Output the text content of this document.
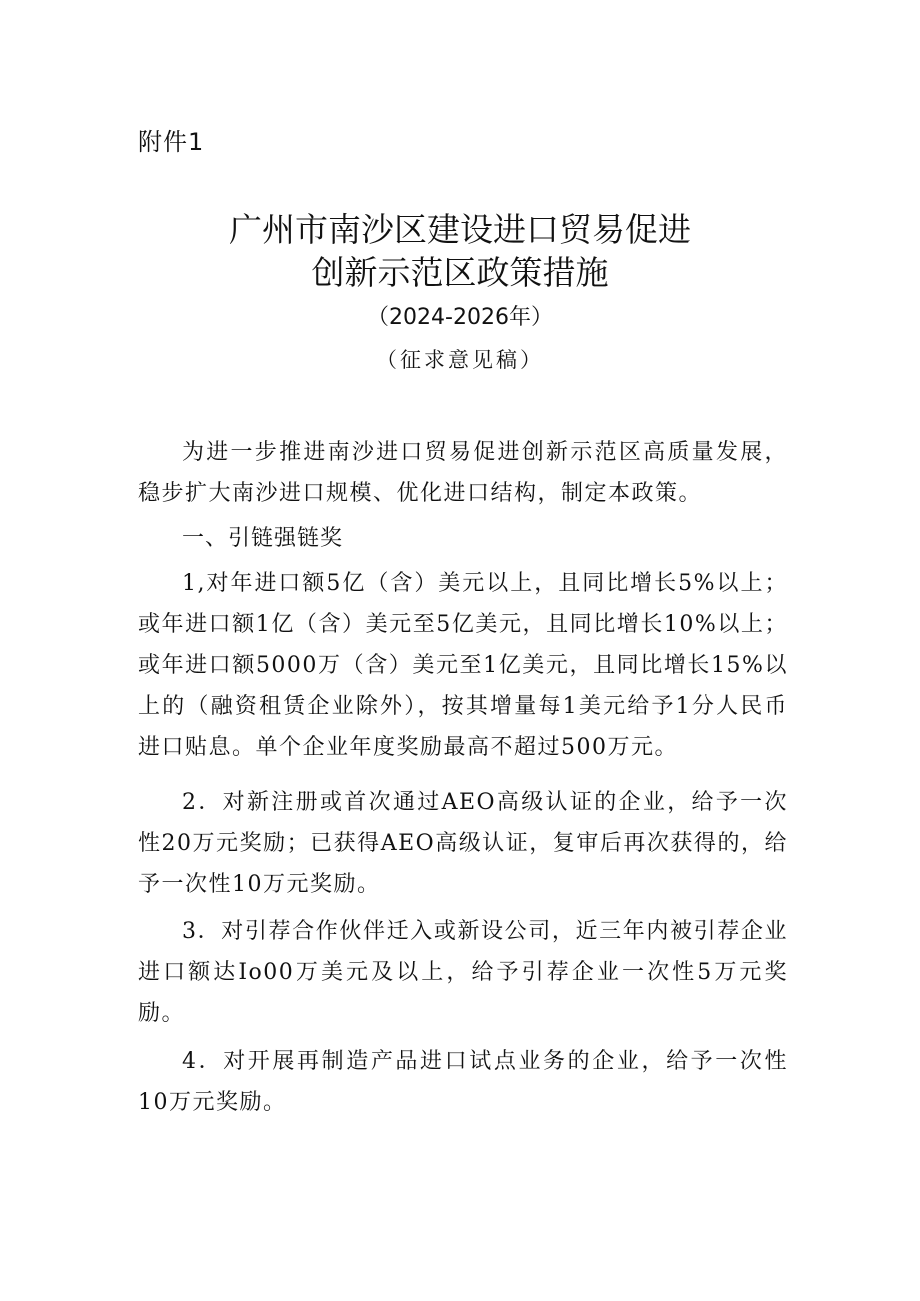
附件1
广州市南沙区建设进口贸易促进
创新示范区政策措施
（2024-2026年）
（征求意见稿）

为进一步推进南沙进口贸易促进创新示范区高质量发展，稳步扩大南沙进口规模、优化进口结构，制定本政策。

一、引链强链奖

1,对年进口额5亿（含）美元以上，且同比增长5%以上；或年进口额1亿（含）美元至5亿美元，且同比增长10%以上；或年进口额5000万（含）美元至1亿美元，且同比增长15%以上的（融资租赁企业除外），按其增量每1美元给予1分人民币进口贴息。单个企业年度奖励最高不超过500万元。

2．对新注册或首次通过AEO高级认证的企业，给予一次性20万元奖励；已获得AEO高级认证，复审后再次获得的，给予一次性10万元奖励。

3．对引荐合作伙伴迁入或新设公司，近三年内被引荐企业进口额达Io00万美元及以上，给予引荐企业一次性5万元奖励。

4．对开展再制造产品进口试点业务的企业，给予一次性10万元奖励。
